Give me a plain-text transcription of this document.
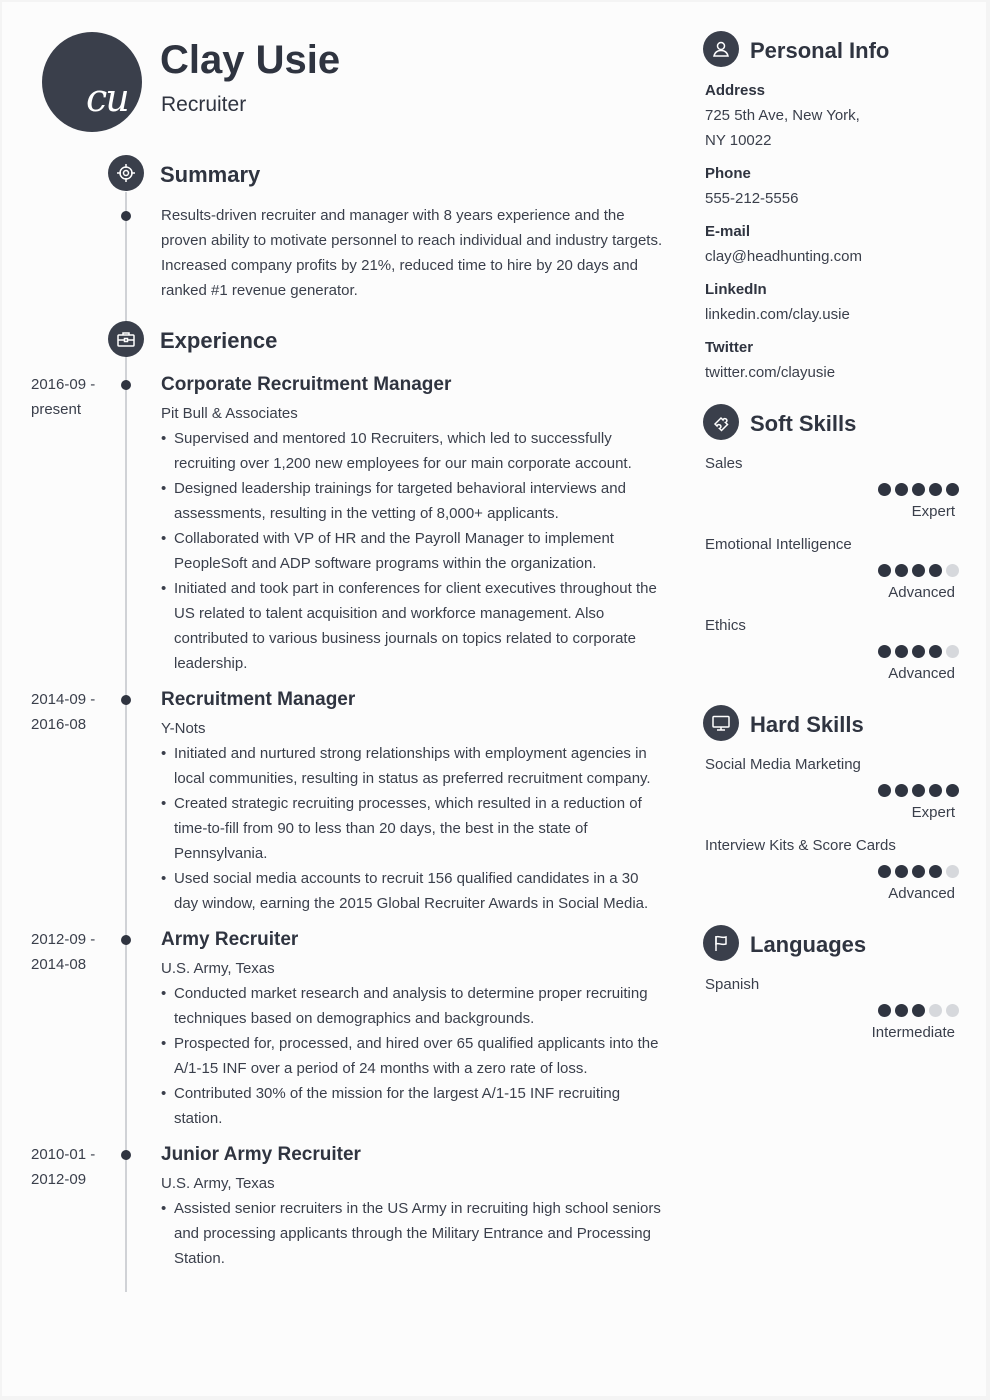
cu
Clay Usie
Recruiter
Summary
Results-driven recruiter and manager with 8 years experience and the proven ability to motivate personnel to reach individual and industry targets. Increased company profits by 21%, reduced time to hire by 20 days and ranked #1 revenue generator.
Experience
2016-09 -
present
Corporate Recruitment Manager
Pit Bull & Associates
• Supervised and mentored 10 Recruiters, which led to successfully recruiting over 1,200 new employees for our main corporate account.
• Designed leadership trainings for targeted behavioral interviews and assessments, resulting in the vetting of 8,000+ applicants.
• Collaborated with VP of HR and the Payroll Manager to implement PeopleSoft and ADP software programs within the organization.
• Initiated and took part in conferences for client executives throughout the US related to talent acquisition and workforce management. Also contributed to various business journals on topics related to corporate leadership.
2014-09 -
2016-08
Recruitment Manager
Y-Nots
• Initiated and nurtured strong relationships with employment agencies in local communities, resulting in status as preferred recruitment company.
• Created strategic recruiting processes, which resulted in a reduction of time-to-fill from 90 to less than 20 days, the best in the state of Pennsylvania.
• Used social media accounts to recruit 156 qualified candidates in a 30 day window, earning the 2015 Global Recruiter Awards in Social Media.
2012-09 -
2014-08
Army Recruiter
U.S. Army, Texas
• Conducted market research and analysis to determine proper recruiting techniques based on demographics and backgrounds.
• Prospected for, processed, and hired over 65 qualified applicants into the A/1-15 INF over a period of 24 months with a zero rate of loss.
• Contributed 30% of the mission for the largest A/1-15 INF recruiting station.
2010-01 -
2012-09
Junior Army Recruiter
U.S. Army, Texas
• Assisted senior recruiters in the US Army in recruiting high school seniors and processing applicants through the Military Entrance and Processing Station.
Personal Info
Address
725 5th Ave, New York,
NY 10022
Phone
555-212-5556
E-mail
clay@headhunting.com
LinkedIn
linkedin.com/clay.usie
Twitter
twitter.com/clayusie
Soft Skills
Sales
Expert
Emotional Intelligence
Advanced
Ethics
Advanced
Hard Skills
Social Media Marketing
Expert
Interview Kits & Score Cards
Advanced
Languages
Spanish
Intermediate
